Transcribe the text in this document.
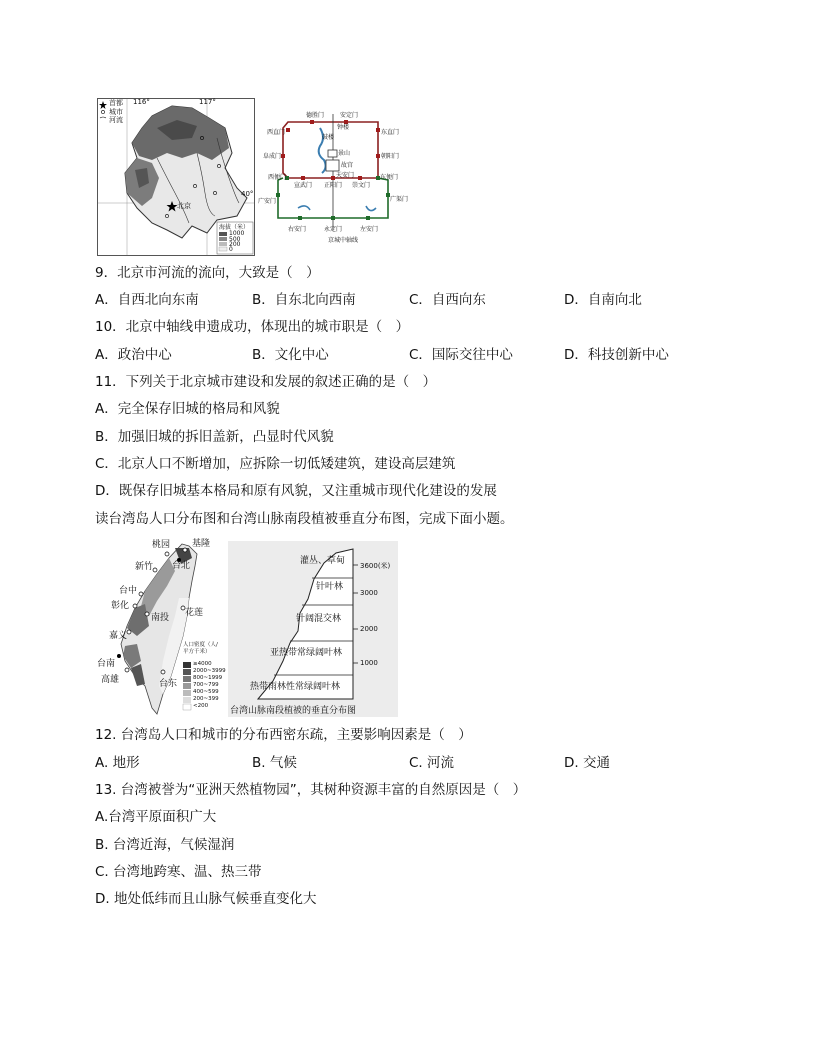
首都
城市
河流
116°	117°
40°
北京
海拔（米）
1000
500
200
0
德胜门	安定门
西直门	东直门
阜成门	朝阳门
西便门	东便门
宣武门 正阳门 崇文门
广安门	广渠门
右安门	永定门	左安门
钟楼
鼓楼
景山
故宫
天安门
京城中轴线
9．北京市河流的流向，大致是（　）
A．自西北向东南	B．自东北向西南	C．自西向东	D．自南向北
10．北京中轴线申遗成功，体现出的城市职是（　）
A．政治中心	B．文化中心	C．国际交往中心	D．科技创新中心
11．下列关于北京城市建设和发展的叙述正确的是（　）
A．完全保存旧城的格局和风貌
B．加强旧城的拆旧盖新，凸显时代风貌
C．北京人口不断增加，应拆除一切低矮建筑，建设高层建筑
D．既保存旧城基本格局和原有风貌，又注重城市现代化建设的发展
读台湾岛人口分布图和台湾山脉南段植被垂直分布图，完成下面小题。
桃园 基隆
台北
新竹
台中
彰化
南投 花莲
嘉义
台南
高雄	台东
人口密度（人/平方千米）
≥4000
2000~3999
800~1999
700~799
400~599
200~399
<200
灌丛、草甸
针叶林
针阔混交林
亚热带常绿阔叶林
热带雨林性常绿阔叶林
3600(米)
3000
2000
1000
台湾山脉南段植被的垂直分布图
12. 台湾岛人口和城市的分布西密东疏，主要影响因素是（　）
A. 地形	B. 气候	C. 河流	D. 交通
13. 台湾被誉为“亚洲天然植物园”，其树种资源丰富的自然原因是（　）
A.台湾平原面积广大
B. 台湾近海，气候湿润
C. 台湾地跨寒、温、热三带
D. 地处低纬而且山脉气候垂直变化大
